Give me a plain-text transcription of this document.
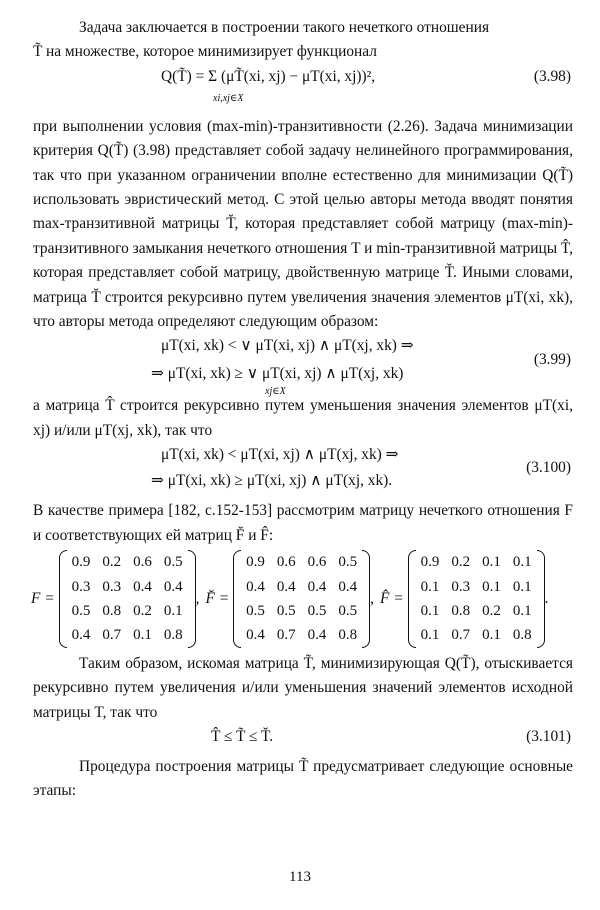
Задача заключается в построении такого нечеткого отношения

T̃ на множестве, которое минимизирует функционал

Q(T̃) = Σ (μT̃(xi, xj) − μT(xi, xj))²,
xi,xj∈X
(3.98)

при выполнении условия (max-min)-транзитивности (2.26). Задача минимизации критерия Q(T̃) (3.98) представляет собой задачу нелинейного программирования, так что при указанном ограничении вполне естественно для минимизации Q(T̃) использовать эвристический метод. С этой целью авторы метода вводят понятия max-транзитивной матрицы T̆, которая представляет собой матрицу (max-min)-транзитивного замыкания нечеткого отношения T и min-транзитивной матрицы T̂, которая представляет собой матрицу, двойственную матрице T̆. Иными словами, матрица T̆ строится рекурсивно путем увеличения значения элементов μT(xi, xk), что авторы метода определяют следующим образом:

μT(xi, xk) < ∨ μT(xi, xj) ∧ μT(xj, xk) ⇒
⇒ μT(xi, xk) ≥ ∨ μT(xi, xj) ∧ μT(xj, xk)
xj∈X
(3.99)

а матрица T̂ строится рекурсивно путем уменьшения значения элементов μT(xi, xj) и/или μT(xj, xk), так что

μT(xi, xk) < μT(xi, xj) ∧ μT(xj, xk) ⇒
⇒ μT(xi, xk) ≥ μT(xi, xj) ∧ μT(xj, xk).
(3.100)

В качестве примера [182, с.152-153] рассмотрим матрицу нечеткого отношения F и соответствующих ей матриц F̆ и F̂:

F =
0.9	0.2	0.6	0.5
0.3	0.3	0.4	0.4
0.5	0.8	0.2	0.1
0.4	0.7	0.1	0.8
, F̆ =
0.9	0.6	0.6	0.5
0.4	0.4	0.4	0.4
0.5	0.5	0.5	0.5
0.4	0.7	0.4	0.8
, F̂ =
0.9	0.2	0.1	0.1
0.1	0.3	0.1	0.1
0.1	0.8	0.2	0.1
0.1	0.7	0.1	0.8
.

Таким образом, искомая матрица T̃, минимизирующая Q(T̃), отыскивается рекурсивно путем увеличения и/или уменьшения значений элементов исходной матрицы T, так что

T̂ ≤ T̃ ≤ T̆.	(3.101)

Процедура построения матрицы T̃ предусматривает следующие основные этапы:

113
